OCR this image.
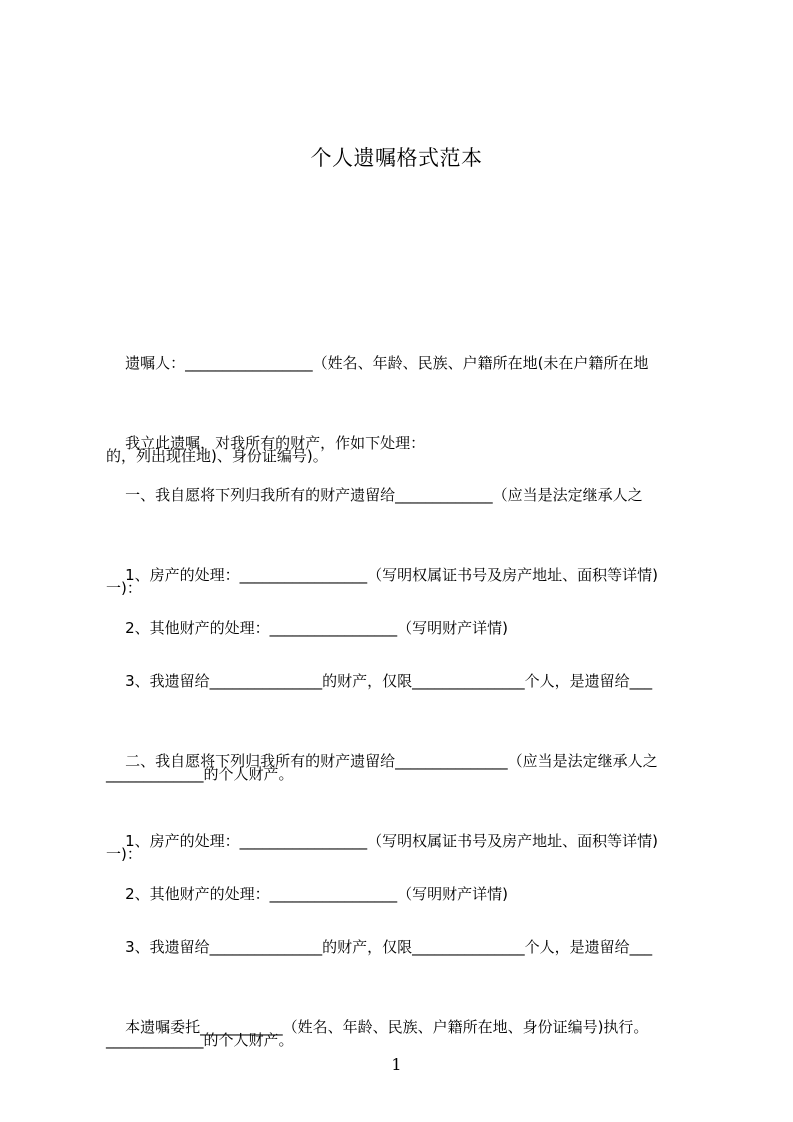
个人遗嘱格式范本

遗嘱人：_________________（姓名、年龄、民族、户籍所在地(未在户籍所在地

的，列出现住地)、身份证编号)。

我立此遗嘱，对我所有的财产，作如下处理：

一、我自愿将下列归我所有的财产遗留给_____________（应当是法定继承人之

一)：

1、房产的处理：_________________（写明权属证书号及房产地址、面积等详情)

2、其他财产的处理：_________________（写明财产详情)

3、我遗留给_______________的财产，仅限_______________个人，是遗留给___

_____________的个人财产。

二、我自愿将下列归我所有的财产遗留给_______________（应当是法定继承人之

一)：

1、房产的处理：_________________（写明权属证书号及房产地址、面积等详情)

2、其他财产的处理：_________________（写明财产详情)

3、我遗留给_______________的财产，仅限_______________个人，是遗留给___

_____________的个人财产。

本遗嘱委托___________（姓名、年龄、民族、户籍所在地、身份证编号)执行。

1
